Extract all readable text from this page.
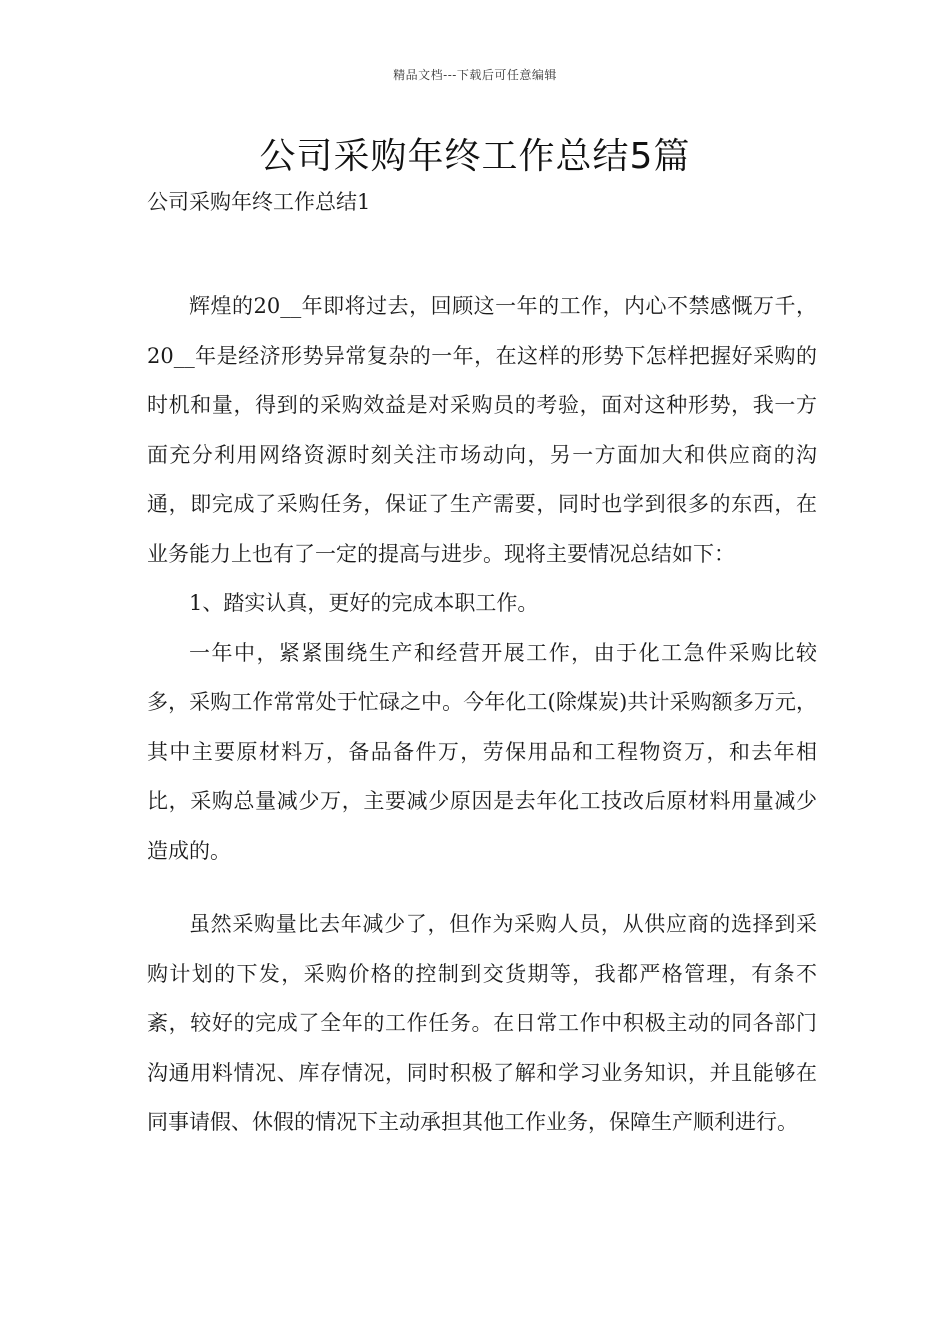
精品文档---下载后可任意编辑
公司采购年终工作总结5篇
公司采购年终工作总结1

辉煌的20__年即将过去，回顾这一年的工作，内心不禁感慨万千，20__年是经济形势异常复杂的一年，在这样的形势下怎样把握好采购的时机和量，得到的采购效益是对采购员的考验，面对这种形势，我一方面充分利用网络资源时刻关注市场动向，另一方面加大和供应商的沟通，即完成了采购任务，保证了生产需要，同时也学到很多的东西，在业务能力上也有了一定的提高与进步。现将主要情况总结如下：

1、踏实认真，更好的完成本职工作。

一年中，紧紧围绕生产和经营开展工作，由于化工急件采购比较多，采购工作常常处于忙碌之中。今年化工(除煤炭)共计采购额多万元，其中主要原材料万，备品备件万，劳保用品和工程物资万，和去年相比，采购总量减少万，主要减少原因是去年化工技改后原材料用量减少造成的。

虽然采购量比去年减少了，但作为采购人员，从供应商的选择到采购计划的下发，采购价格的控制到交货期等，我都严格管理，有条不紊，较好的完成了全年的工作任务。在日常工作中积极主动的同各部门沟通用料情况、库存情况，同时积极了解和学习业务知识，并且能够在同事请假、休假的情况下主动承担其他工作业务，保障生产顺利进行。
